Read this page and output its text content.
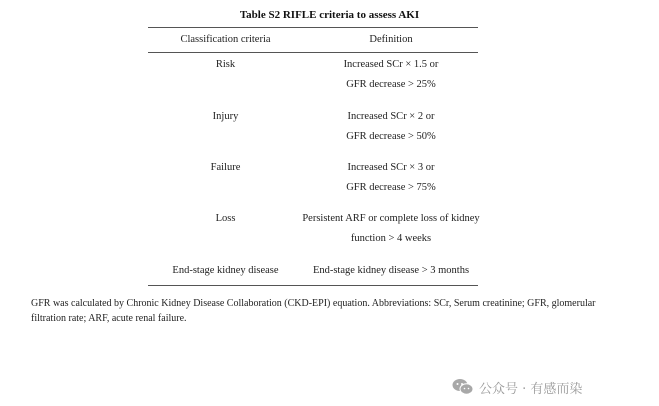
Table S2 RIFLE criteria to assess AKI
Classification criteria	Definition
Risk	Increased SCr × 1.5 or
GFR decrease > 25%
Injury	Increased SCr × 2 or
GFR decrease > 50%
Failure	Increased SCr × 3 or
GFR decrease > 75%
Loss	Persistent ARF or complete loss of kidney
function > 4 weeks
End-stage kidney disease	End-stage kidney disease > 3 months
GFR was calculated by Chronic Kidney Disease Collaboration (CKD-EPI) equation. Abbreviations: SCr, Serum creatinine; GFR, glomerular filtration rate; ARF, acute renal failure.
公众号 · 有感而染
